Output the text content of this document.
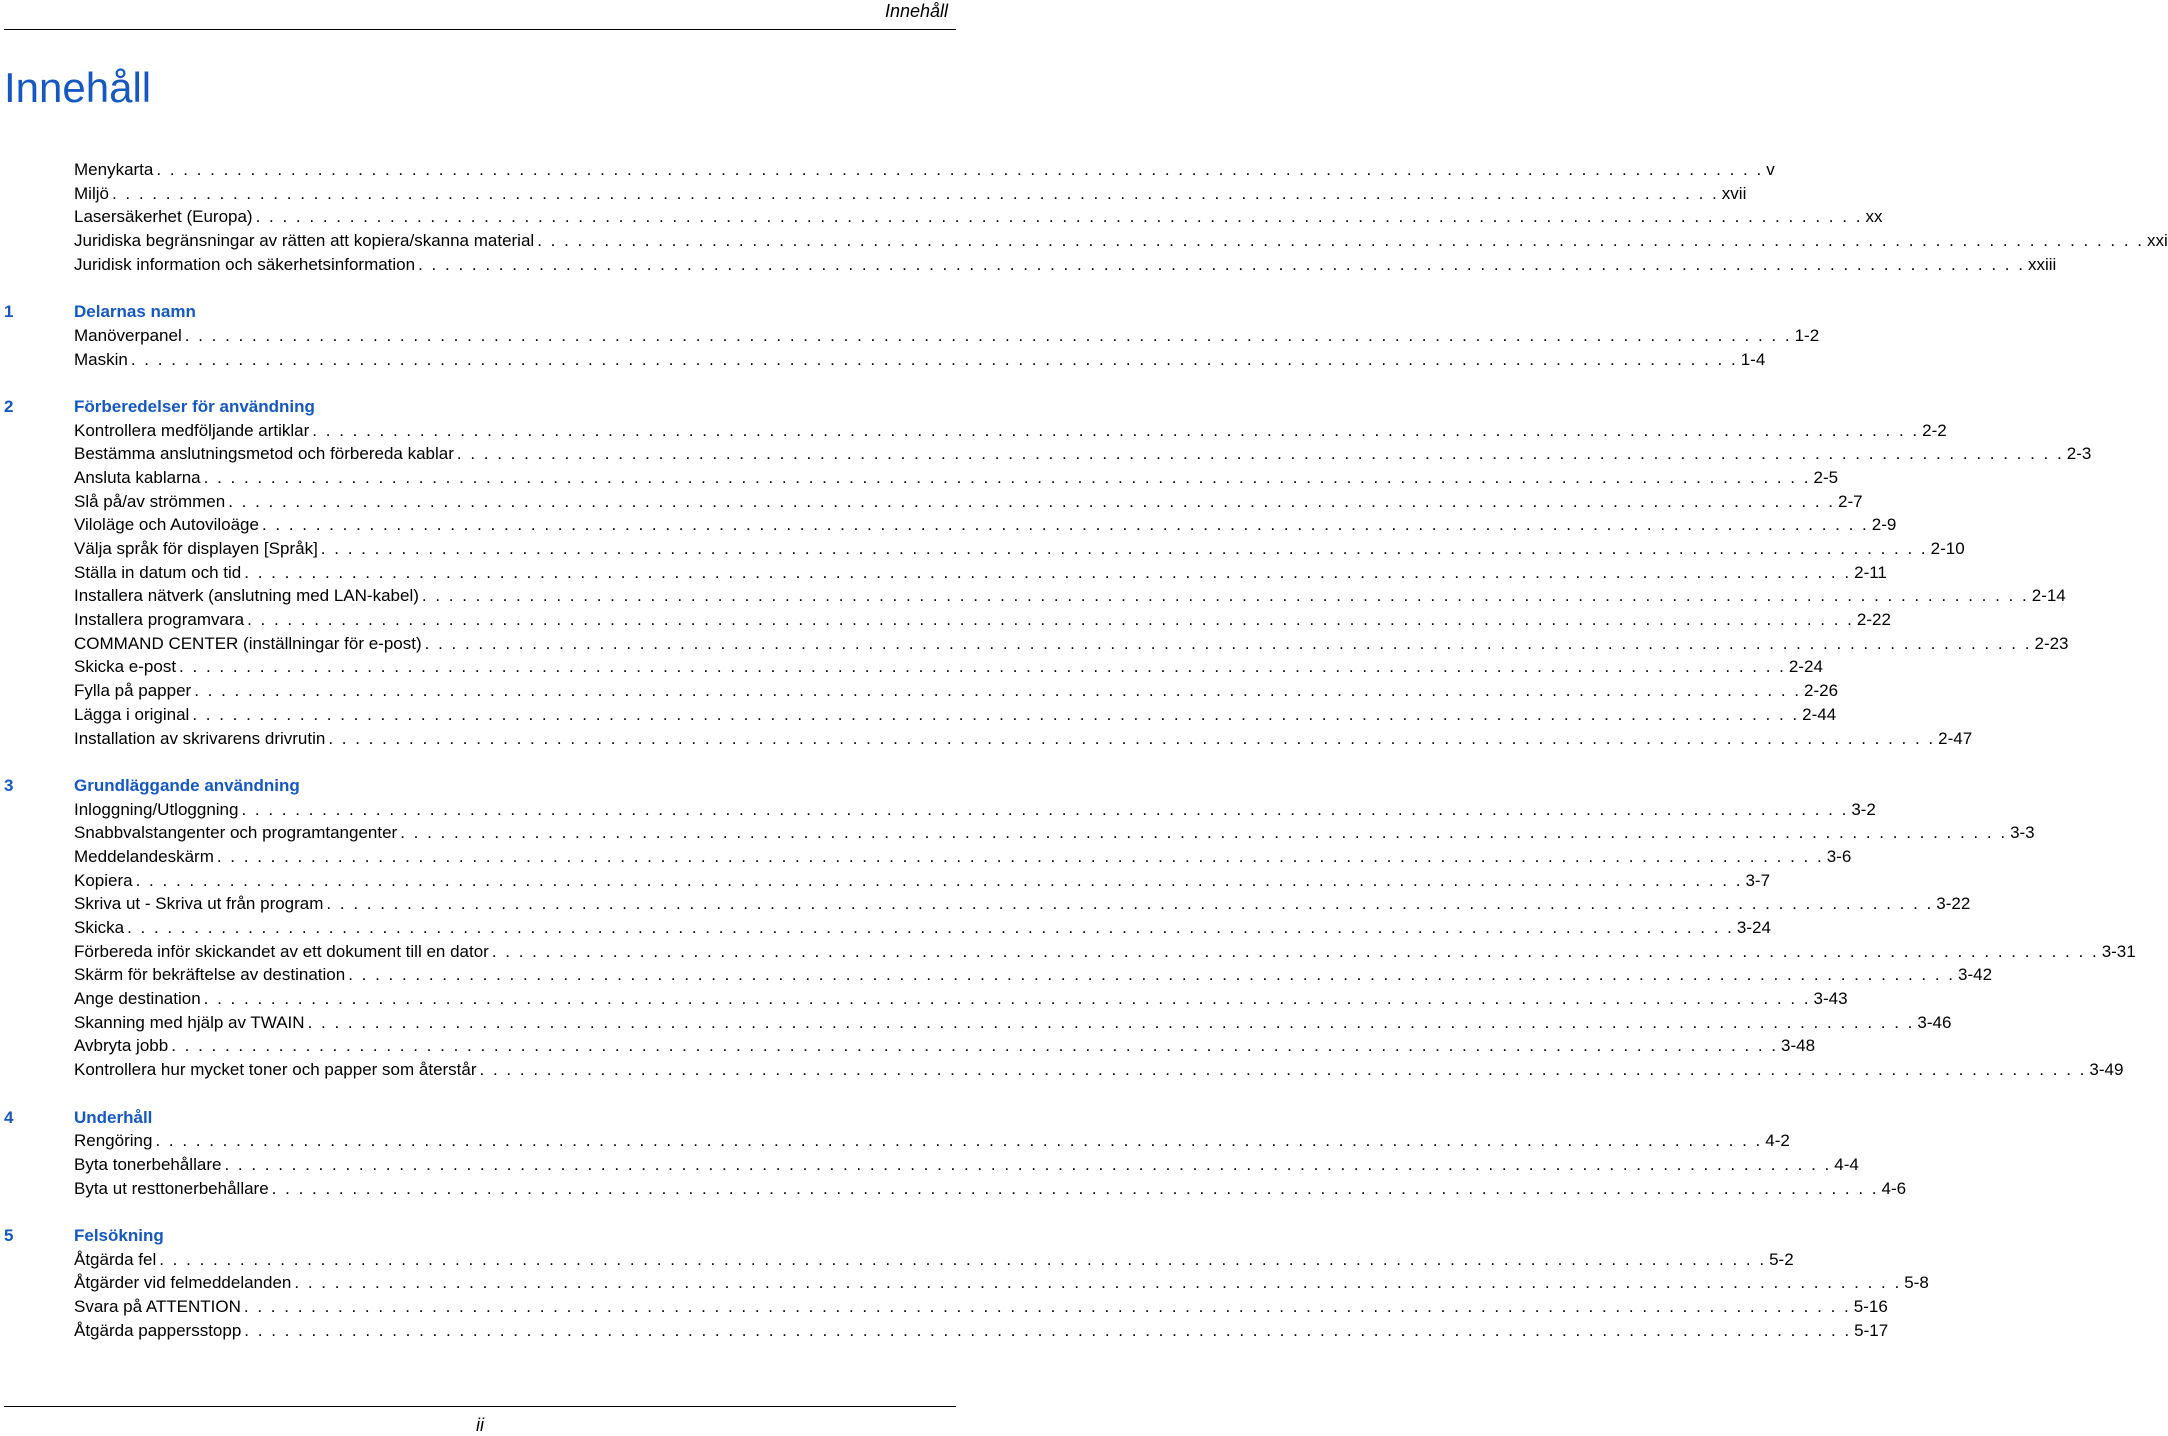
Innehåll
Innehåll
Menykarta . . . . . . . . . . . . . . . . . . . . . . . . . . . . . . . . . . . . . . . . . . . . . . . . . . . . . . . . . . . . . . . . . . . . . . . . . . . . . . . . . . . . . . . . . . . . . . . . . . . . . . . . . . . . . . . . . . . . . . . . v
Miljö . . . . . . . . . . . . . . . . . . . . . . . . . . . . . . . . . . . . . . . . . . . . . . . . . . . . . . . . . . . . . . . . . . . . . . . . . . . . . . . . . . . . . . . . . . . . . . . . . . . . . . . . . . . . . . . . . . . . . . . . xvii
Lasersäkerhet (Europa) . . . . . . . . . . . . . . . . . . . . . . . . . . . . . . . . . . . . . . . . . . . . . . . . . . . . . . . . . . . . . . . . . . . . . . . . . . . . . . . . . . . . . . . . . . . . . . . . . . . . . . . . . . . . . . . . . . . . . . . . xx
Juridiska begränsningar av rätten att kopiera/skanna material . . . . . . . . . . . . . . . . . . . . . . . . . . . . . . . . . . . . . . . . . . . . . . . . . . . . . . . . . . . . . . . . . . . . . . . . . . . . . . . . . . . . . . . . . . . . . . . . . . . . . . . . . . . . . . . . . . . . . . . . xxi
Juridisk information och säkerhetsinformation . . . . . . . . . . . . . . . . . . . . . . . . . . . . . . . . . . . . . . . . . . . . . . . . . . . . . . . . . . . . . . . . . . . . . . . . . . . . . . . . . . . . . . . . . . . . . . . . . . . . . . . . . . . . . . . . . . . . . . . . xxiii
1	Delarnas namn
Manöverpanel . . . . . . . . . . . . . . . . . . . . . . . . . . . . . . . . . . . . . . . . . . . . . . . . . . . . . . . . . . . . . . . . . . . . . . . . . . . . . . . . . . . . . . . . . . . . . . . . . . . . . . . . . . . . . . . . . . . . . . . . 1-2
Maskin . . . . . . . . . . . . . . . . . . . . . . . . . . . . . . . . . . . . . . . . . . . . . . . . . . . . . . . . . . . . . . . . . . . . . . . . . . . . . . . . . . . . . . . . . . . . . . . . . . . . . . . . . . . . . . . . . . . . . . . . 1-4
2	Förberedelser för användning
Kontrollera medföljande artiklar . . . . . . . . . . . . . . . . . . . . . . . . . . . . . . . . . . . . . . . . . . . . . . . . . . . . . . . . . . . . . . . . . . . . . . . . . . . . . . . . . . . . . . . . . . . . . . . . . . . . . . . . . . . . . . . . . . . . . . . . 2-2
Bestämma anslutningsmetod och förbereda kablar . . . . . . . . . . . . . . . . . . . . . . . . . . . . . . . . . . . . . . . . . . . . . . . . . . . . . . . . . . . . . . . . . . . . . . . . . . . . . . . . . . . . . . . . . . . . . . . . . . . . . . . . . . . . . . . . . . . . . . . . 2-3
Ansluta kablarna . . . . . . . . . . . . . . . . . . . . . . . . . . . . . . . . . . . . . . . . . . . . . . . . . . . . . . . . . . . . . . . . . . . . . . . . . . . . . . . . . . . . . . . . . . . . . . . . . . . . . . . . . . . . . . . . . . . . . . . . 2-5
Slå på/av strömmen . . . . . . . . . . . . . . . . . . . . . . . . . . . . . . . . . . . . . . . . . . . . . . . . . . . . . . . . . . . . . . . . . . . . . . . . . . . . . . . . . . . . . . . . . . . . . . . . . . . . . . . . . . . . . . . . . . . . . . . . 2-7
Viloläge och Autoviloäge . . . . . . . . . . . . . . . . . . . . . . . . . . . . . . . . . . . . . . . . . . . . . . . . . . . . . . . . . . . . . . . . . . . . . . . . . . . . . . . . . . . . . . . . . . . . . . . . . . . . . . . . . . . . . . . . . . . . . . . . 2-9
Välja språk för displayen [Språk] . . . . . . . . . . . . . . . . . . . . . . . . . . . . . . . . . . . . . . . . . . . . . . . . . . . . . . . . . . . . . . . . . . . . . . . . . . . . . . . . . . . . . . . . . . . . . . . . . . . . . . . . . . . . . . . . . . . . . . . . 2-10
Ställa in datum och tid . . . . . . . . . . . . . . . . . . . . . . . . . . . . . . . . . . . . . . . . . . . . . . . . . . . . . . . . . . . . . . . . . . . . . . . . . . . . . . . . . . . . . . . . . . . . . . . . . . . . . . . . . . . . . . . . . . . . . . . . 2-11
Installera nätverk (anslutning med LAN-kabel) . . . . . . . . . . . . . . . . . . . . . . . . . . . . . . . . . . . . . . . . . . . . . . . . . . . . . . . . . . . . . . . . . . . . . . . . . . . . . . . . . . . . . . . . . . . . . . . . . . . . . . . . . . . . . . . . . . . . . . . . 2-14
Installera programvara . . . . . . . . . . . . . . . . . . . . . . . . . . . . . . . . . . . . . . . . . . . . . . . . . . . . . . . . . . . . . . . . . . . . . . . . . . . . . . . . . . . . . . . . . . . . . . . . . . . . . . . . . . . . . . . . . . . . . . . . 2-22
COMMAND CENTER (inställningar för e-post) . . . . . . . . . . . . . . . . . . . . . . . . . . . . . . . . . . . . . . . . . . . . . . . . . . . . . . . . . . . . . . . . . . . . . . . . . . . . . . . . . . . . . . . . . . . . . . . . . . . . . . . . . . . . . . . . . . . . . . . . 2-23
Skicka e-post . . . . . . . . . . . . . . . . . . . . . . . . . . . . . . . . . . . . . . . . . . . . . . . . . . . . . . . . . . . . . . . . . . . . . . . . . . . . . . . . . . . . . . . . . . . . . . . . . . . . . . . . . . . . . . . . . . . . . . . . 2-24
Fylla på papper . . . . . . . . . . . . . . . . . . . . . . . . . . . . . . . . . . . . . . . . . . . . . . . . . . . . . . . . . . . . . . . . . . . . . . . . . . . . . . . . . . . . . . . . . . . . . . . . . . . . . . . . . . . . . . . . . . . . . . . . 2-26
Lägga i original . . . . . . . . . . . . . . . . . . . . . . . . . . . . . . . . . . . . . . . . . . . . . . . . . . . . . . . . . . . . . . . . . . . . . . . . . . . . . . . . . . . . . . . . . . . . . . . . . . . . . . . . . . . . . . . . . . . . . . . . 2-44
Installation av skrivarens drivrutin . . . . . . . . . . . . . . . . . . . . . . . . . . . . . . . . . . . . . . . . . . . . . . . . . . . . . . . . . . . . . . . . . . . . . . . . . . . . . . . . . . . . . . . . . . . . . . . . . . . . . . . . . . . . . . . . . . . . . . . . 2-47
3	Grundläggande användning
Inloggning/Utloggning . . . . . . . . . . . . . . . . . . . . . . . . . . . . . . . . . . . . . . . . . . . . . . . . . . . . . . . . . . . . . . . . . . . . . . . . . . . . . . . . . . . . . . . . . . . . . . . . . . . . . . . . . . . . . . . . . . . . . . . . 3-2
Snabbvalstangenter och programtangenter . . . . . . . . . . . . . . . . . . . . . . . . . . . . . . . . . . . . . . . . . . . . . . . . . . . . . . . . . . . . . . . . . . . . . . . . . . . . . . . . . . . . . . . . . . . . . . . . . . . . . . . . . . . . . . . . . . . . . . . . 3-3
Meddelandeskärm . . . . . . . . . . . . . . . . . . . . . . . . . . . . . . . . . . . . . . . . . . . . . . . . . . . . . . . . . . . . . . . . . . . . . . . . . . . . . . . . . . . . . . . . . . . . . . . . . . . . . . . . . . . . . . . . . . . . . . . . 3-6
Kopiera . . . . . . . . . . . . . . . . . . . . . . . . . . . . . . . . . . . . . . . . . . . . . . . . . . . . . . . . . . . . . . . . . . . . . . . . . . . . . . . . . . . . . . . . . . . . . . . . . . . . . . . . . . . . . . . . . . . . . . . . 3-7
Skriva ut - Skriva ut från program . . . . . . . . . . . . . . . . . . . . . . . . . . . . . . . . . . . . . . . . . . . . . . . . . . . . . . . . . . . . . . . . . . . . . . . . . . . . . . . . . . . . . . . . . . . . . . . . . . . . . . . . . . . . . . . . . . . . . . . . 3-22
Skicka . . . . . . . . . . . . . . . . . . . . . . . . . . . . . . . . . . . . . . . . . . . . . . . . . . . . . . . . . . . . . . . . . . . . . . . . . . . . . . . . . . . . . . . . . . . . . . . . . . . . . . . . . . . . . . . . . . . . . . . . 3-24
Förbereda inför skickandet av ett dokument till en dator . . . . . . . . . . . . . . . . . . . . . . . . . . . . . . . . . . . . . . . . . . . . . . . . . . . . . . . . . . . . . . . . . . . . . . . . . . . . . . . . . . . . . . . . . . . . . . . . . . . . . . . . . . . . . . . . . . . . . . . . 3-31
Skärm för bekräftelse av destination . . . . . . . . . . . . . . . . . . . . . . . . . . . . . . . . . . . . . . . . . . . . . . . . . . . . . . . . . . . . . . . . . . . . . . . . . . . . . . . . . . . . . . . . . . . . . . . . . . . . . . . . . . . . . . . . . . . . . . . . 3-42
Ange destination . . . . . . . . . . . . . . . . . . . . . . . . . . . . . . . . . . . . . . . . . . . . . . . . . . . . . . . . . . . . . . . . . . . . . . . . . . . . . . . . . . . . . . . . . . . . . . . . . . . . . . . . . . . . . . . . . . . . . . . . 3-43
Skanning med hjälp av TWAIN . . . . . . . . . . . . . . . . . . . . . . . . . . . . . . . . . . . . . . . . . . . . . . . . . . . . . . . . . . . . . . . . . . . . . . . . . . . . . . . . . . . . . . . . . . . . . . . . . . . . . . . . . . . . . . . . . . . . . . . . 3-46
Avbryta jobb . . . . . . . . . . . . . . . . . . . . . . . . . . . . . . . . . . . . . . . . . . . . . . . . . . . . . . . . . . . . . . . . . . . . . . . . . . . . . . . . . . . . . . . . . . . . . . . . . . . . . . . . . . . . . . . . . . . . . . . . 3-48
Kontrollera hur mycket toner och papper som återstår . . . . . . . . . . . . . . . . . . . . . . . . . . . . . . . . . . . . . . . . . . . . . . . . . . . . . . . . . . . . . . . . . . . . . . . . . . . . . . . . . . . . . . . . . . . . . . . . . . . . . . . . . . . . . . . . . . . . . . . . 3-49
4	Underhåll
Rengöring . . . . . . . . . . . . . . . . . . . . . . . . . . . . . . . . . . . . . . . . . . . . . . . . . . . . . . . . . . . . . . . . . . . . . . . . . . . . . . . . . . . . . . . . . . . . . . . . . . . . . . . . . . . . . . . . . . . . . . . . 4-2
Byta tonerbehållare . . . . . . . . . . . . . . . . . . . . . . . . . . . . . . . . . . . . . . . . . . . . . . . . . . . . . . . . . . . . . . . . . . . . . . . . . . . . . . . . . . . . . . . . . . . . . . . . . . . . . . . . . . . . . . . . . . . . . . . . 4-4
Byta ut resttonerbehållare . . . . . . . . . . . . . . . . . . . . . . . . . . . . . . . . . . . . . . . . . . . . . . . . . . . . . . . . . . . . . . . . . . . . . . . . . . . . . . . . . . . . . . . . . . . . . . . . . . . . . . . . . . . . . . . . . . . . . . . . 4-6
5	Felsökning
Åtgärda fel . . . . . . . . . . . . . . . . . . . . . . . . . . . . . . . . . . . . . . . . . . . . . . . . . . . . . . . . . . . . . . . . . . . . . . . . . . . . . . . . . . . . . . . . . . . . . . . . . . . . . . . . . . . . . . . . . . . . . . . . 5-2
Åtgärder vid felmeddelanden . . . . . . . . . . . . . . . . . . . . . . . . . . . . . . . . . . . . . . . . . . . . . . . . . . . . . . . . . . . . . . . . . . . . . . . . . . . . . . . . . . . . . . . . . . . . . . . . . . . . . . . . . . . . . . . . . . . . . . . . 5-8
Svara på ATTENTION . . . . . . . . . . . . . . . . . . . . . . . . . . . . . . . . . . . . . . . . . . . . . . . . . . . . . . . . . . . . . . . . . . . . . . . . . . . . . . . . . . . . . . . . . . . . . . . . . . . . . . . . . . . . . . . . . . . . . . . . 5-16
Åtgärda pappersstopp . . . . . . . . . . . . . . . . . . . . . . . . . . . . . . . . . . . . . . . . . . . . . . . . . . . . . . . . . . . . . . . . . . . . . . . . . . . . . . . . . . . . . . . . . . . . . . . . . . . . . . . . . . . . . . . . . . . . . . . . 5-17
ii
